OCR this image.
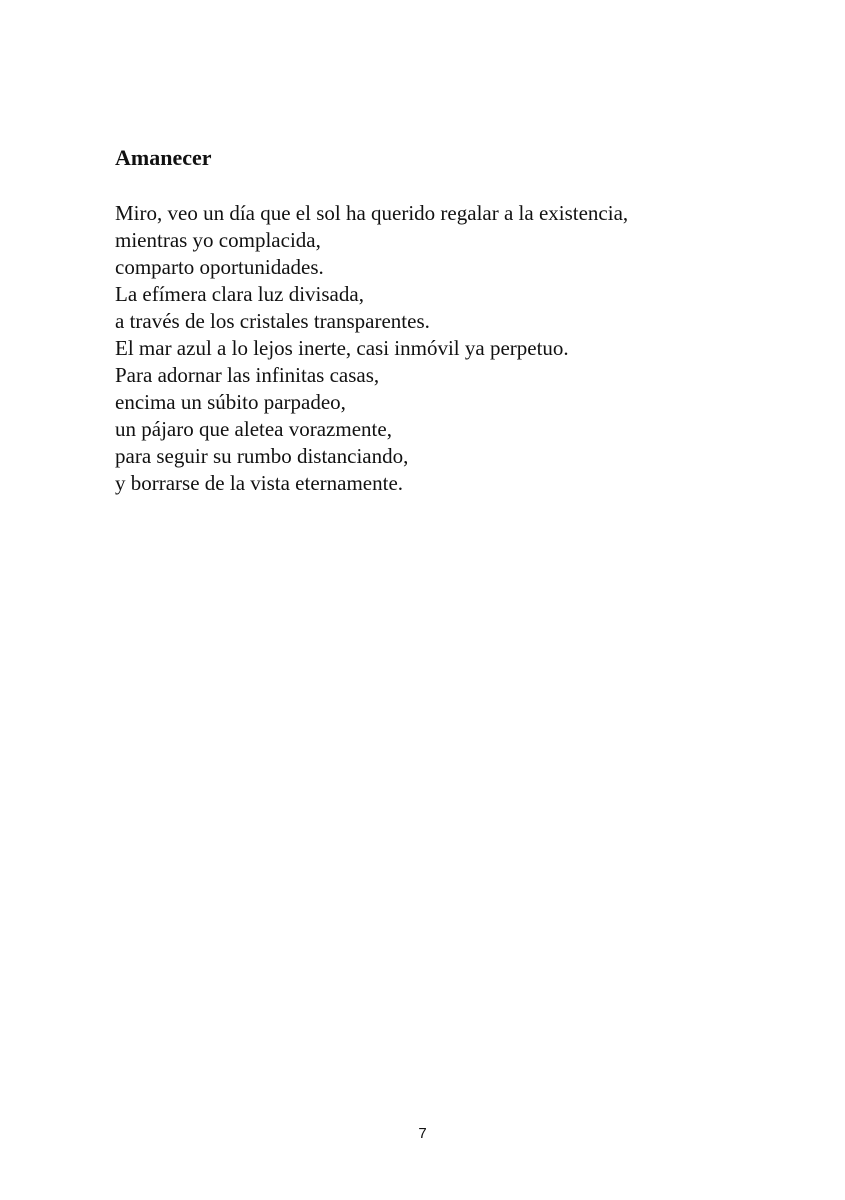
Amanecer
Miro, veo un día que el sol ha querido regalar a la existencia,
mientras yo complacida,
comparto oportunidades.
La efímera clara luz divisada,
a través de los cristales transparentes.
El mar azul a lo lejos inerte, casi inmóvil ya perpetuo.
Para adornar las infinitas casas,
encima un súbito parpadeo,
un pájaro que aletea vorazmente,
para seguir su rumbo distanciando,
y borrarse de la vista eternamente.
7
